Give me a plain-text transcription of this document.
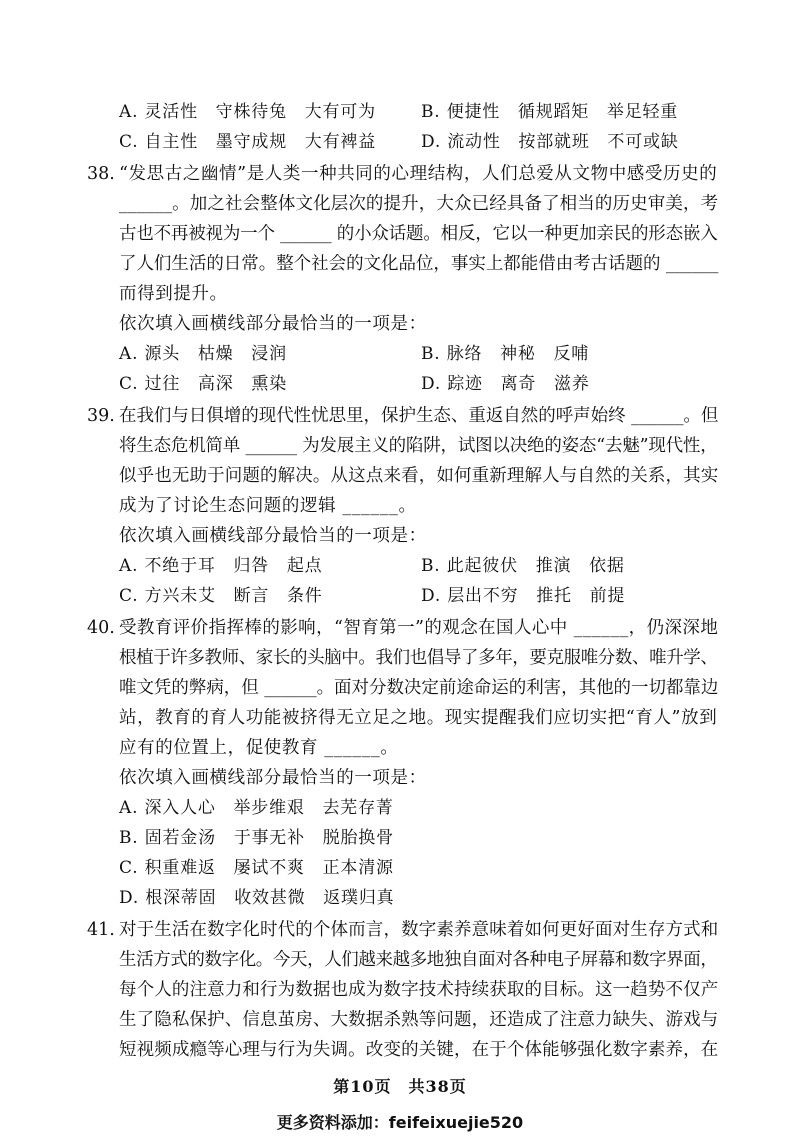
A. 灵活性　守株待兔　大有可为	B. 便捷性　循规蹈矩　举足轻重
C. 自主性　墨守成规　大有裨益	D. 流动性　按部就班　不可或缺
38. “发思古之幽情”是人类一种共同的心理结构，人们总爱从文物中感受历史的
______。加之社会整体文化层次的提升，大众已经具备了相当的历史审美，考
古也不再被视为一个 ______ 的小众话题。相反，它以一种更加亲民的形态嵌入
了人们生活的日常。整个社会的文化品位，事实上都能借由考古话题的 ______
而得到提升。
依次填入画横线部分最恰当的一项是：
A. 源头　枯燥　浸润	B. 脉络　神秘　反哺
C. 过往　高深　熏染	D. 踪迹　离奇　滋养
39. 在我们与日俱增的现代性忧思里，保护生态、重返自然的呼声始终 ______。但
将生态危机简单 ______ 为发展主义的陷阱，试图以决绝的姿态“去魅”现代性，
似乎也无助于问题的解决。从这点来看，如何重新理解人与自然的关系，其实
成为了讨论生态问题的逻辑 ______。
依次填入画横线部分最恰当的一项是：
A. 不绝于耳　归咎　起点	B. 此起彼伏　推演　依据
C. 方兴未艾　断言　条件	D. 层出不穷　推托　前提
40. 受教育评价指挥棒的影响，“智育第一”的观念在国人心中 ______，仍深深地
根植于许多教师、家长的头脑中。我们也倡导了多年，要克服唯分数、唯升学、
唯文凭的弊病，但 ______。面对分数决定前途命运的利害，其他的一切都靠边
站，教育的育人功能被挤得无立足之地。现实提醒我们应切实把“育人”放到
应有的位置上，促使教育 ______。
依次填入画横线部分最恰当的一项是：
A. 深入人心　举步维艰　去芜存菁
B. 固若金汤　于事无补　脱胎换骨
C. 积重难返　屡试不爽　正本清源
D. 根深蒂固　收效甚微　返璞归真
41. 对于生活在数字化时代的个体而言，数字素养意味着如何更好面对生存方式和
生活方式的数字化。今天，人们越来越多地独自面对各种电子屏幕和数字界面，
每个人的注意力和行为数据也成为数字技术持续获取的目标。这一趋势不仅产
生了隐私保护、信息茧房、大数据杀熟等问题，还造成了注意力缺失、游戏与
短视频成瘾等心理与行为失调。改变的关键，在于个体能够强化数字素养，在
第10页　共38页
更多资料添加：feifeixuejie520
